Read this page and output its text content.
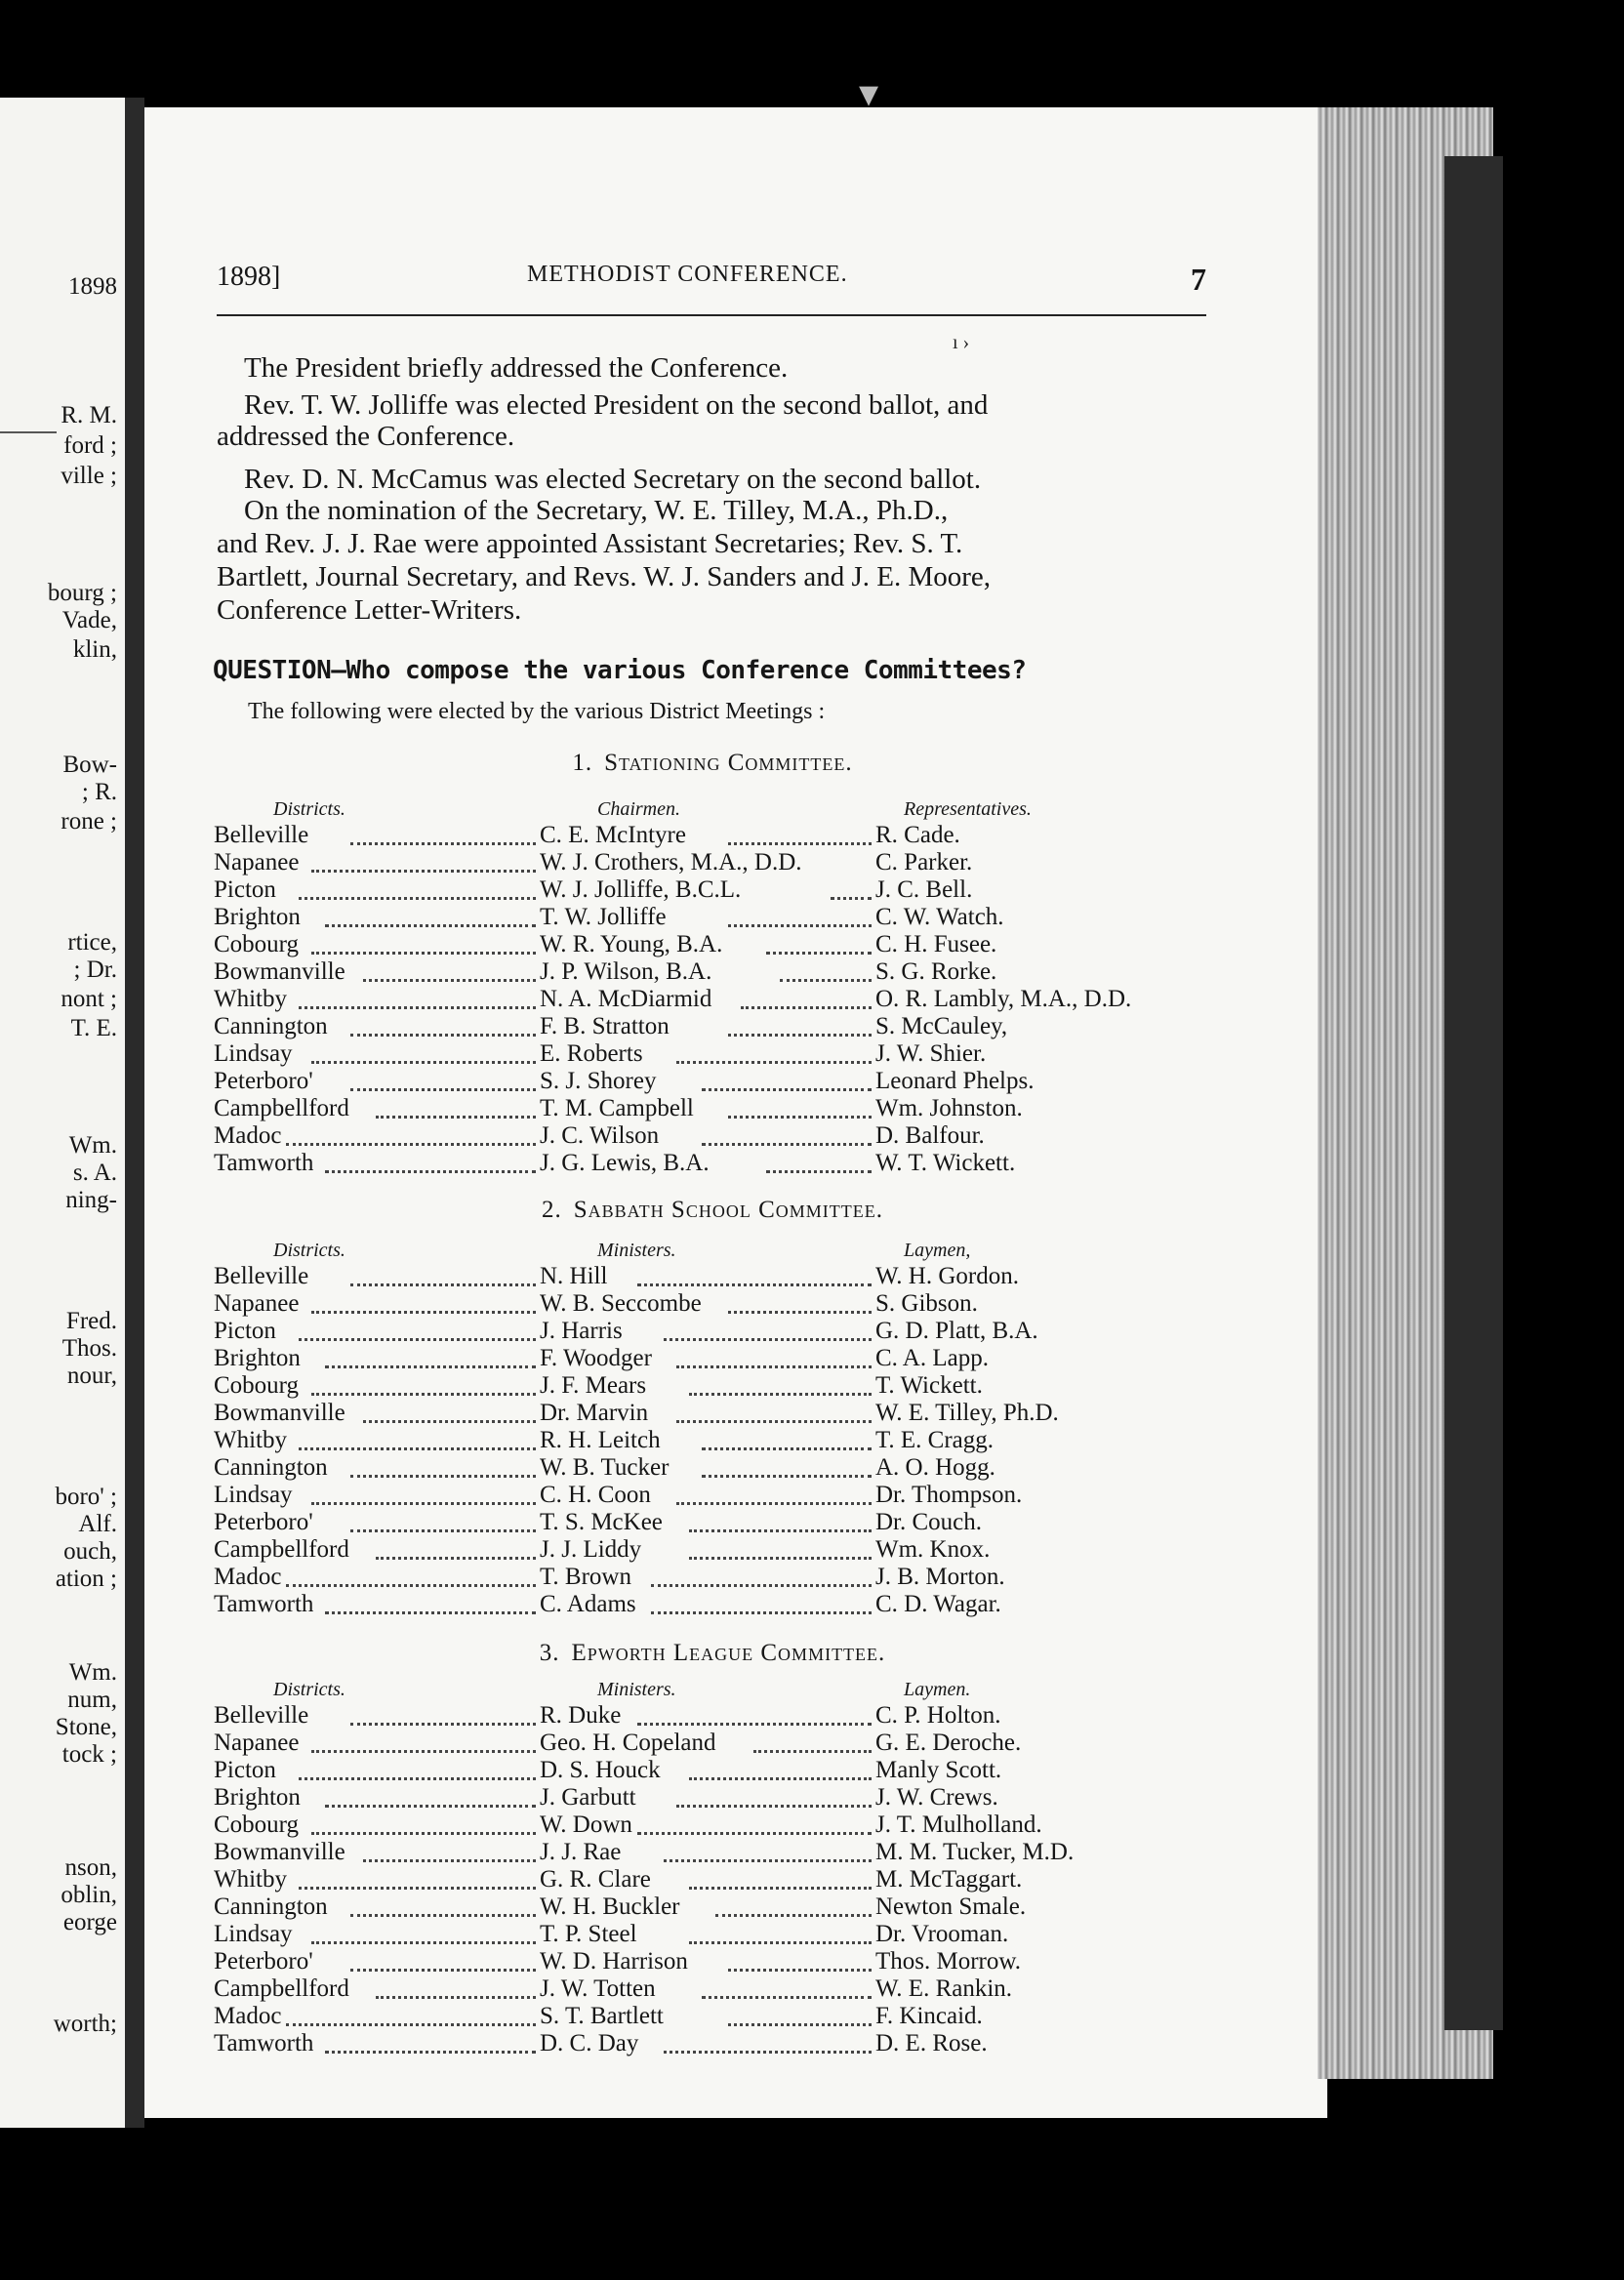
1898
R. M.
ford ;
ville ;
bourg ;
Vade,
klin,
Bow-
; R.
rone ;
rtice,
; Dr.
nont ;
T. E.
Wm.
s. A.
ning-
Fred.
Thos.
nour,
boro' ;
Alf.
ouch,
ation ;
Wm.
num,
Stone,
tock ;
nson,
oblin,
eorge
worth;
1898]	METHODIST CONFERENCE.	7
The President briefly addressed the Conference.
Rev. T. W. Jolliffe was elected President on the second ballot, and
addressed the Conference.
Rev. D. N. McCamus was elected Secretary on the second ballot.
On the nomination of the Secretary, W. E. Tilley, M.A., Ph.D.,
and Rev. J. J. Rae were appointed Assistant Secretaries; Rev. S. T.
Bartlett, Journal Secretary, and Revs. W. J. Sanders and J. E. Moore,
Conference Letter-Writers.
QUESTION—Who compose the various Conference Committees?
The following were elected by the various District Meetings :
1. Stationing Committee.
Districts.	Chairmen.	Representatives.
Belleville	C. E. McIntyre	R. Cade.
Napanee	W. J. Crothers, M.A., D.D.	C. Parker.
Picton	W. J. Jolliffe, B.C.L.	J. C. Bell.
Brighton	T. W. Jolliffe	C. W. Watch.
Cobourg	W. R. Young, B.A.	C. H. Fusee.
Bowmanville	J. P. Wilson, B.A.	S. G. Rorke.
Whitby	N. A. McDiarmid	O. R. Lambly, M.A., D.D.
Cannington	F. B. Stratton	S. McCauley,
Lindsay	E. Roberts	J. W. Shier.
Peterboro'	S. J. Shorey	Leonard Phelps.
Campbellford	T. M. Campbell	Wm. Johnston.
Madoc	J. C. Wilson	D. Balfour.
Tamworth	J. G. Lewis, B.A.	W. T. Wickett.
2. Sabbath School Committee.
Districts.	Ministers.	Laymen,
Belleville	N. Hill	W. H. Gordon.
Napanee	W. B. Seccombe	S. Gibson.
Picton	J. Harris	G. D. Platt, B.A.
Brighton	F. Woodger	C. A. Lapp.
Cobourg	J. F. Mears	T. Wickett.
Bowmanville	Dr. Marvin	W. E. Tilley, Ph.D.
Whitby	R. H. Leitch	T. E. Cragg.
Cannington	W. B. Tucker	A. O. Hogg.
Lindsay	C. H. Coon	Dr. Thompson.
Peterboro'	T. S. McKee	Dr. Couch.
Campbellford	J. J. Liddy	Wm. Knox.
Madoc	T. Brown	J. B. Morton.
Tamworth	C. Adams	C. D. Wagar.
3. Epworth League Committee.
Districts.	Ministers.	Laymen.
Belleville	R. Duke	C. P. Holton.
Napanee	Geo. H. Copeland	G. E. Deroche.
Picton	D. S. Houck	Manly Scott.
Brighton	J. Garbutt	J. W. Crews.
Cobourg	W. Down	J. T. Mulholland.
Bowmanville	J. J. Rae	M. M. Tucker, M.D.
Whitby	G. R. Clare	M. McTaggart.
Cannington	W. H. Buckler	Newton Smale.
Lindsay	T. P. Steel	Dr. Vrooman.
Peterboro'	W. D. Harrison	Thos. Morrow.
Campbellford	J. W. Totten	W. E. Rankin.
Madoc	S. T. Bartlett	F. Kincaid.
Tamworth	D. C. Day	D. E. Rose.
ı ›
▾
